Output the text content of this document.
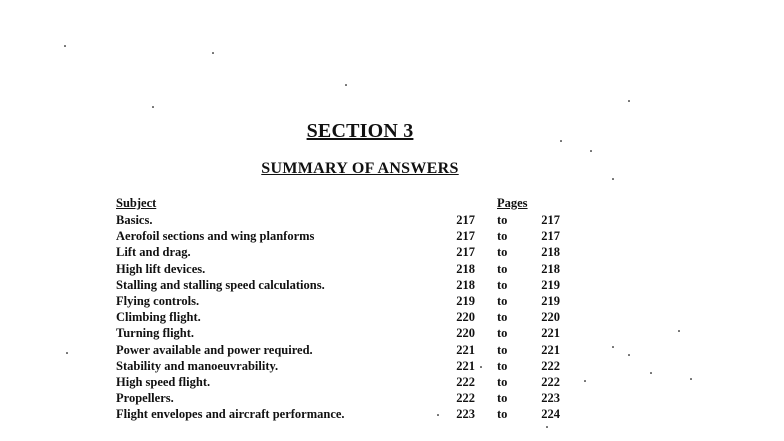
SECTION 3
SUMMARY OF ANSWERS
Subject	Pages
Basics.	217 to	217
Aerofoil sections and wing planforms	217 to	217
Lift and drag.	217 to	218
High lift devices.	218 to	218
Stalling and stalling speed calculations.	218 to	219
Flying controls.	219 to	219
Climbing flight.	220 to	220
Turning flight.	220 to	221
Power available and power required.	221 to	221
Stability and manoeuvrability.	221 to	222
High speed flight.	222 to	222
Propellers.	222 to	223
Flight envelopes and aircraft performance.	223 to	224
